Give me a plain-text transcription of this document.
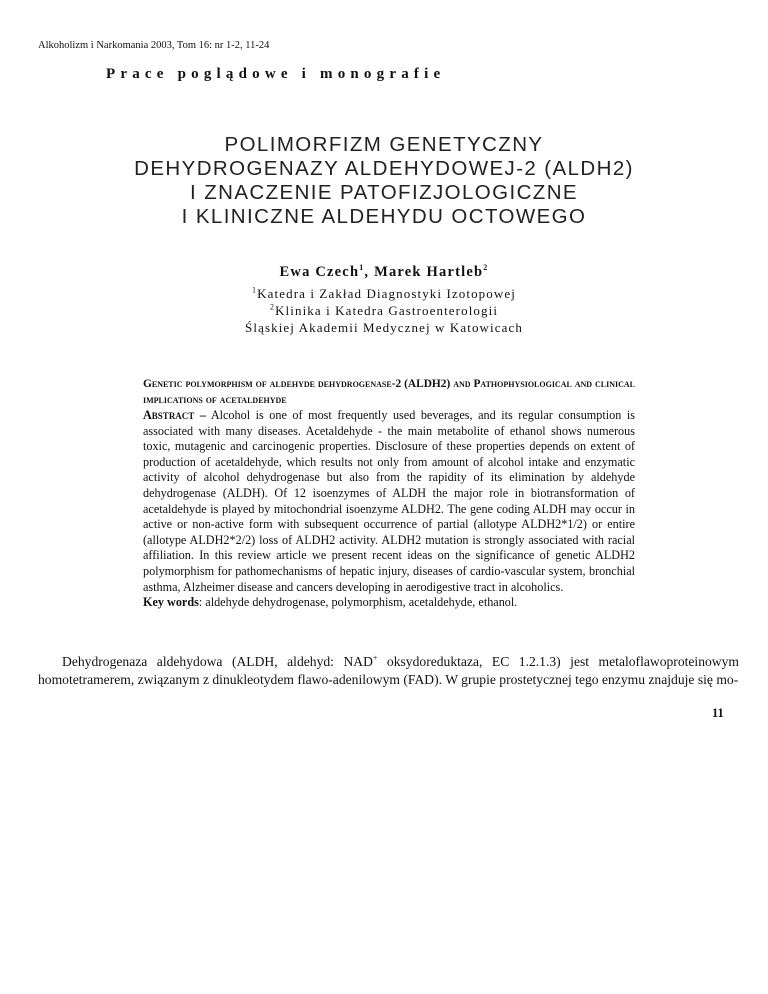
Alkoholizm i Narkomania 2003, Tom 16: nr 1-2, 11-24
Prace poglądowe i monografie
POLIMORFIZM GENETYCZNY
DEHYDROGENAZY ALDEHYDOWEJ-2 (ALDH2)
I ZNACZENIE PATOFIZJOLOGICZNE
I KLINICZNE ALDEHYDU OCTOWEGO
Ewa Czech$^1$, Marek Hartleb$^2$
$^1$Katedra i Zakład Diagnostyki Izotopowej
$^2$Klinika i Katedra Gastroenterologii
Śląskiej Akademii Medycznej w Katowicach
Genetic polymorphism of aldehyde dehydrogenase-2 (ALDH2) and Pathophysiological and clinical implications of acetaldehyde
Abstract – Alcohol is one of most frequently used beverages, and its regular consumption is associated with many diseases. Acetaldehyde - the main metabolite of ethanol shows numerous toxic, mutagenic and carcinogenic properties. Disclosure of these properties depends on extent of production of acetaldehyde, which results not only from amount of alcohol intake and enzymatic activity of alcohol dehydrogenase but also from the rapidity of its elimination by aldehyde dehydrogenase (ALDH). Of 12 isoenzymes of ALDH the major role in biotransformation of acetaldehyde is played by mitochondrial isoenzyme ALDH2. The gene coding ALDH may occur in active or non-active form with subsequent occurrence of partial (allotype ALDH2*1/2) or entire (allotype ALDH2*2/2) loss of ALDH2 activity. ALDH2 mutation is strongly associated with racial affiliation. In this review article we present recent ideas on the significance of genetic ALDH2 polymorphism for pathomechanisms of hepatic injury, diseases of cardio-vascular system, bronchial asthma, Alzheimer disease and cancers developing in aerodigestive tract in alcoholics.
Key words: aldehyde dehydrogenase, polymorphism, acetaldehyde, ethanol.
Dehydrogenaza aldehydowa (ALDH, aldehyd: NAD+ oksydoreduktaza, EC 1.2.1.3) jest metaloflawoproteinowym homotetramerem, związanym z dinukleotydem flawo-adenilowym (FAD). W grupie prostetycznej tego enzymu znajduje się mo-
11
